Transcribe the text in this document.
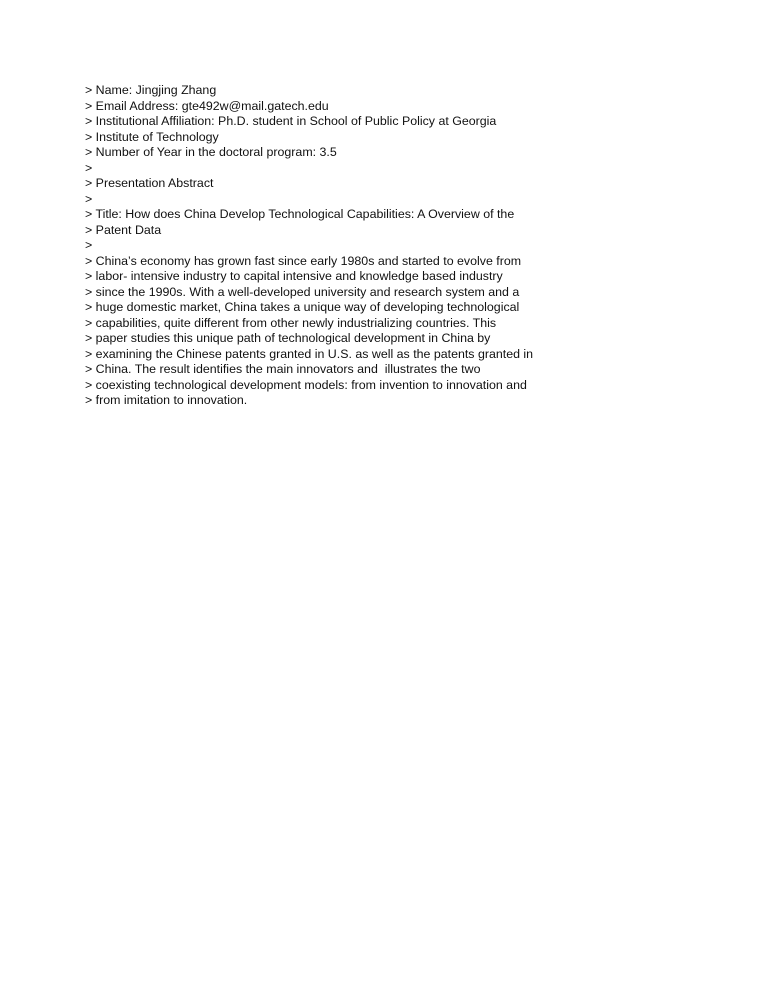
> Name: Jingjing Zhang

> Email Address: gte492w@mail.gatech.edu

> Institutional Affiliation: Ph.D. student in School of Public Policy at Georgia

> Institute of Technology

> Number of Year in the doctoral program: 3.5

>

> Presentation Abstract

>

> Title: How does China Develop Technological Capabilities: A Overview of the

> Patent Data

>

> China’s economy has grown fast since early 1980s and started to evolve from

> labor- intensive industry to capital intensive and knowledge based industry

> since the 1990s. With a well-developed university and research system and a

> huge domestic market, China takes a unique way of developing technological

> capabilities, quite different from other newly industrializing countries. This

> paper studies this unique path of technological development in China by

> examining the Chinese patents granted in U.S. as well as the patents granted in

> China. The result identifies the main innovators and  illustrates the two

> coexisting technological development models: from invention to innovation and

> from imitation to innovation.
